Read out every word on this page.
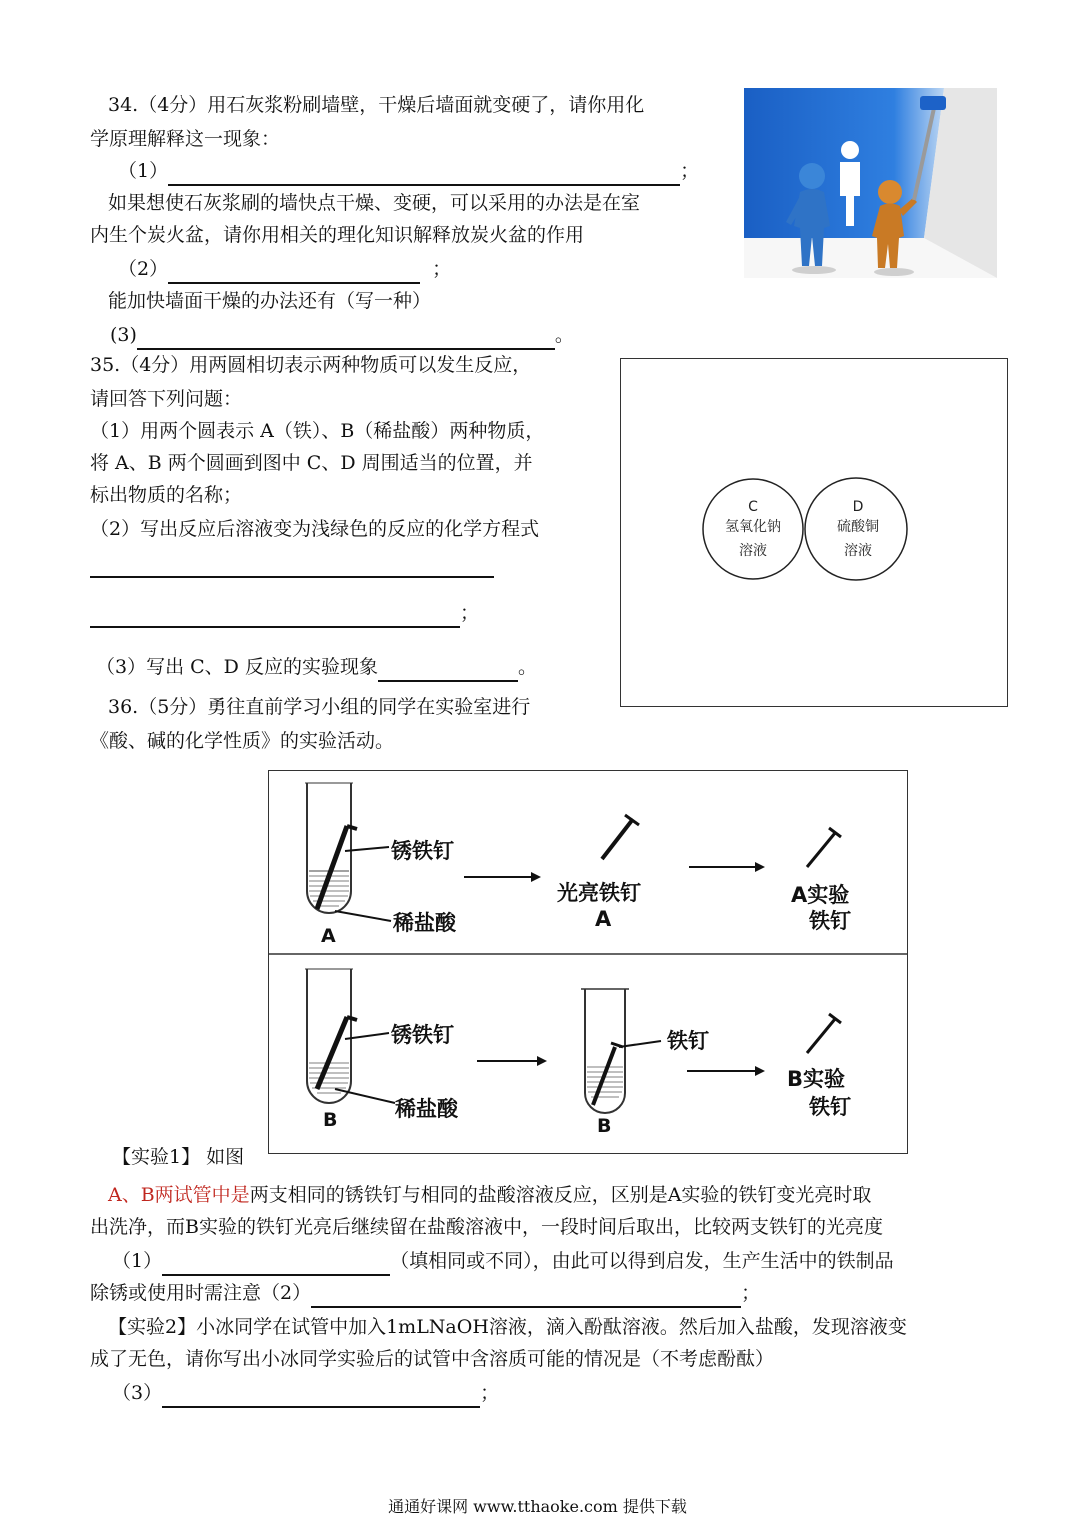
34.（4分）用石灰浆粉刷墙壁，干燥后墙面就变硬了，请你用化
学原理解释这一现象：
（1）	；
如果想使石灰浆刷的墙快点干燥、变硬，可以采用的办法是在室
内生个炭火盆，请你用相关的理化知识解释放炭火盆的作用
（2）	；
能加快墙面干燥的办法还有（写一种）
(3)	。
35.（4分）用两圆相切表示两种物质可以发生反应，
请回答下列问题：
（1）用两个圆表示 A（铁）、B（稀盐酸）两种物质，
将 A、B 两个圆画到图中 C、D 周围适当的位置，并
标出物质的名称；
（2）写出反应后溶液变为浅绿色的反应的化学方程式
；
（3）写出 C、D 反应的实验现象	。
C
氢氧化钠
溶液
D
硫酸铜
溶液
36.（5分）勇往直前学习小组的同学在实验室进行
《酸、碱的化学性质》的实验活动。
锈铁钉
稀盐酸
A
光亮铁钉
A
A实验
铁钉
锈铁钉
稀盐酸
B
铁钉
B
B实验
铁钉
【实验1】 如图
A、B两试管中是两支相同的锈铁钉与相同的盐酸溶液反应，区别是A实验的铁钉变光亮时取
出洗净，而B实验的铁钉光亮后继续留在盐酸溶液中，一段时间后取出，比较两支铁钉的光亮度
（1）	（填相同或不同），由此可以得到启发，生产生活中的铁制品
除锈或使用时需注意（2）	；
【实验2】小冰同学在试管中加入1mLNaOH溶液，滴入酚酞溶液。然后加入盐酸，发现溶液变
成了无色，请你写出小冰同学实验后的试管中含溶质可能的情况是（不考虑酚酞）
（3）	；
通通好课网 www.tthaoke.com 提供下载
